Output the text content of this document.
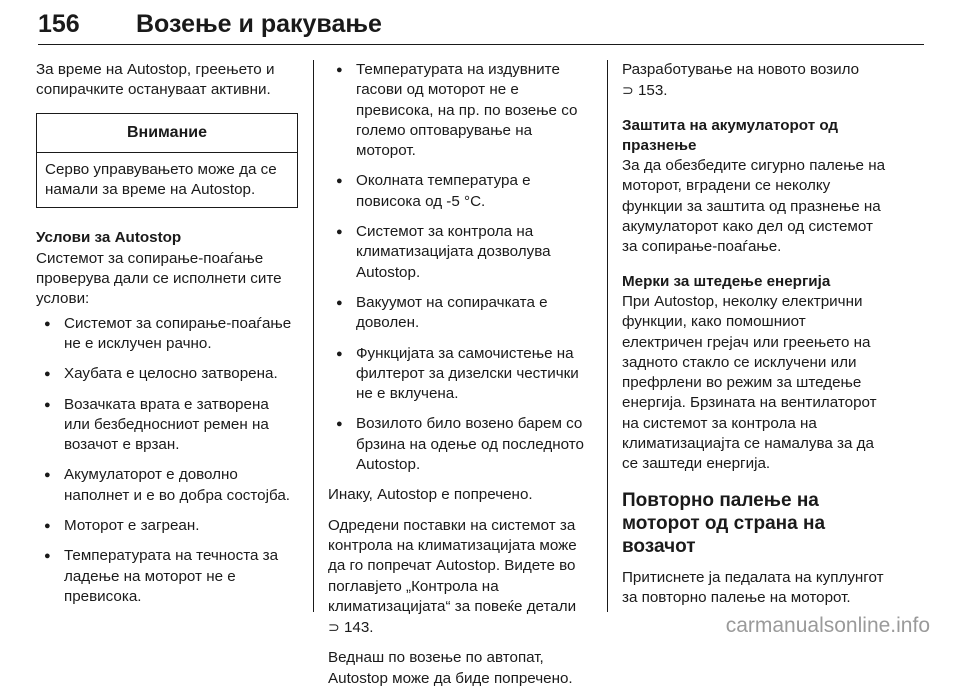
156 Возење и ракување

За време на Autostop, греењето и сопирачките остануваат активни.

Внимание
Серво управувањето може да се намали за време на Autostop.
Услови за Autostop
Системот за сопирање-поаѓање проверува дали се исполнети сите услови:
● Системот за сопирање-поаѓање не е исклучен рачно.
● Хаубата е целосно затворена.
● Возачката врата е затворена или безбедносниот ремен на возачот е врзан.
● Акумулаторот е доволно наполнет и е во добра состојба.
● Моторот е загреан.
● Температурата на течноста за ладење на моторот не е превисока.
● Температурата на издувните гасови од моторот не е превисока, на пр. по возење со големо оптоварување на моторот.
● Околната температура е повисока од -5 °C.
● Системот за контрола на климатизацијата дозволува Autostop.
● Вакуумот на сопирачката е доволен.
● Функцијата за самочистење на филтерот за дизелски честички не е вклучена.
● Возилото било возено барем со брзина на одење од последното Autostop.

Инаку, Autostop е попречено.

Одредени поставки на системот за контрола на климатизацијата може да го попречат Autostop. Видете во поглавјето „Контрола на климатизацијата“ за повеќе детали
⊃ 143.

Веднаш по возење по автопат, Autostop може да биде попречено.

Разработување на новото возило
⊃ 153.

Заштита на акумулаторот од празнење

За да обезбедите сигурно палење на моторот, вградени се неколку функции за заштита од празнење на акумулаторот како дел од системот за сопирање-поаѓање.

Мерки за штедење енергија

При Autostop, неколку електрични функции, како помошниот електричен грејач или греењето на задното стакло се исклучени или префрлени во режим за штедење енергија. Брзината на вентилаторот на системот за контрола на климатизациајта се намалува за да се заштеди енергија.

Повторно палење на моторот од страна на возачот

Притиснете ја педалата на куплунгот за повторно палење на моторот.

carmanualsonline.info
